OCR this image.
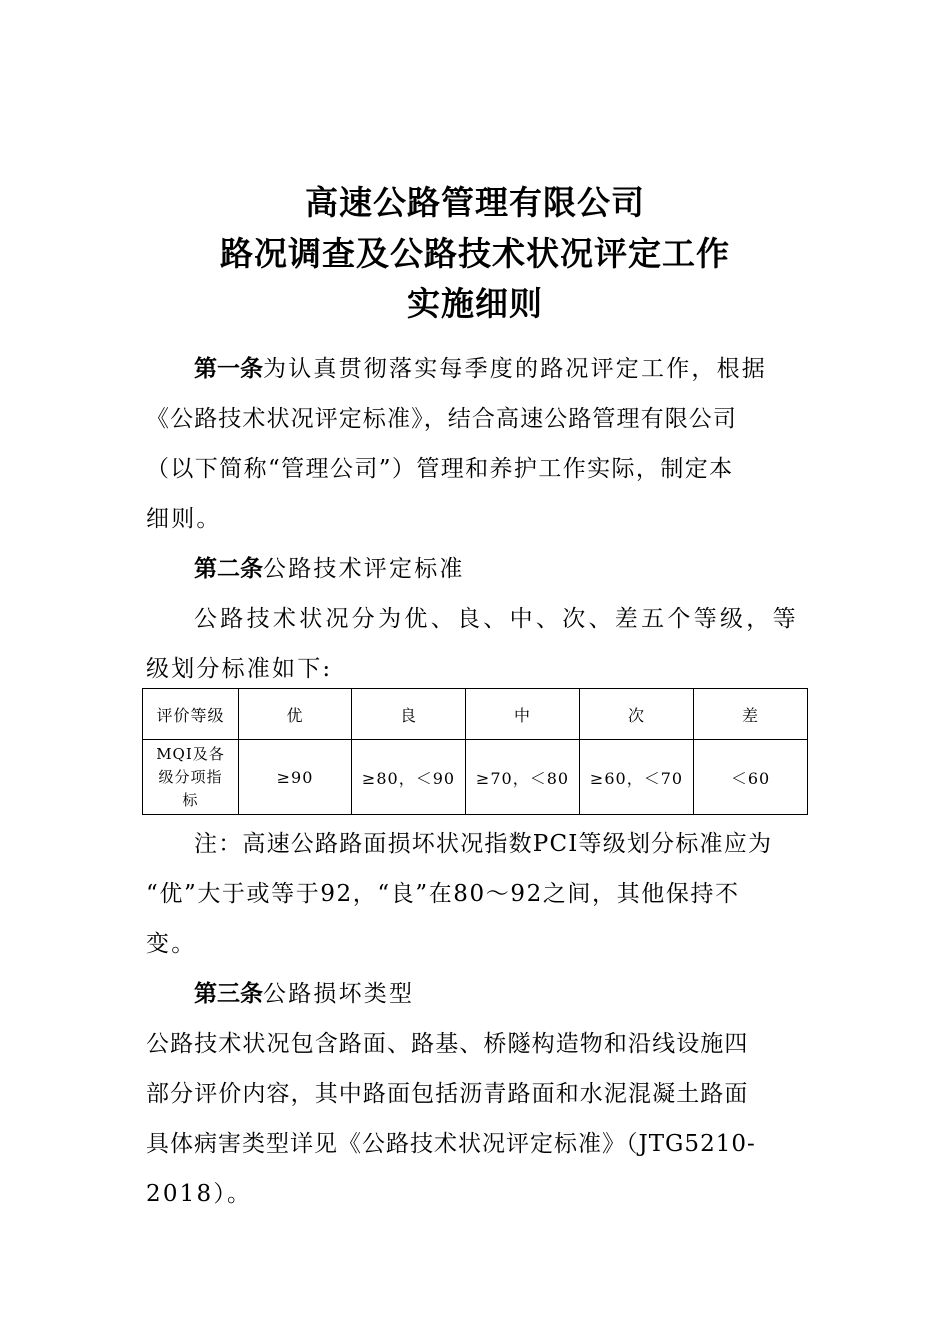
高速公路管理有限公司
路况调查及公路技术状况评定工作
实施细则
第一条为认真贯彻落实每季度的路况评定工作，根据
《公路技术状况评定标准》，结合高速公路管理有限公司
（以下简称“管理公司”）管理和养护工作实际，制定本
细则。
第二条公路技术评定标准
公路技术状况分为优、良、中、次、差五个等级，等
级划分标准如下:
评价等级	优	良	中	次	差

MQI及各
级分项指
标	≥90	≥80，＜90	≥70，＜80	≥60，＜70	＜60
注：高速公路路面损坏状况指数PCI等级划分标准应为
“优”大于或等于92，“良”在80～92之间，其他保持不
变。
第三条公路损坏类型
公路技术状况包含路面、路基、桥隧构造物和沿线设施四
部分评价内容，其中路面包括沥青路面和水泥混凝土路面
具体病害类型详见《公路技术状况评定标准》（JTG5210-
2018）。
